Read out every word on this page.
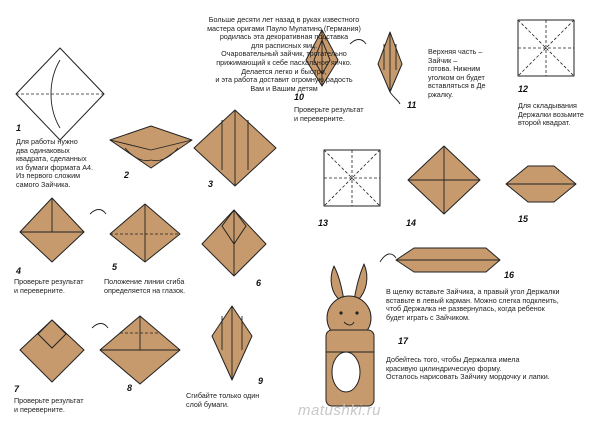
Больше десяти лет назад в руках известного
мастера оригами Пауло Мулатино (Германия)
родилась эта декоративная подставка
для расписных яиц.
Очаровательный зайчик, трогательно
прижимающий к себе пасхальное яичко.
Делается легко и быстро,
и эта работа доставит огромную радость
Вам и Вашим детям
1
Для работы нужно
два одинаковых
квадрата, сделанных
из бумаги формата А4.
Из первого сложим
самого Зайчика.
2
3
4
Проверьте результат
и переверните.
5
Положение линии сгиба
определяется на глазок.
6
7
Проверьте результат
и переверните.
8
9
Сгибайте только один
слой бумаги.
10
Проверьте результат
и переверните.
11
Верхняя часть –
Зайчик –
готова. Нижним
уголком он будет
вставляться в Де
ржалку.
12
Для складывания
Держалки возьмите
второй квадрат.
13	14	15
16
В щелку вставьте Зайчика, а правый угол Держалки
вставьте в левый карман. Можно слегка подклеить,
чтоб Держалка не развернулась, когда ребенок
будет играть с Зайчиком.
17
Добейтесь того, чтобы Держалка имела
красивую цилиндрическую форму.
Осталось нарисовать Зайчику мордочку и лапки.
matushki.ru
